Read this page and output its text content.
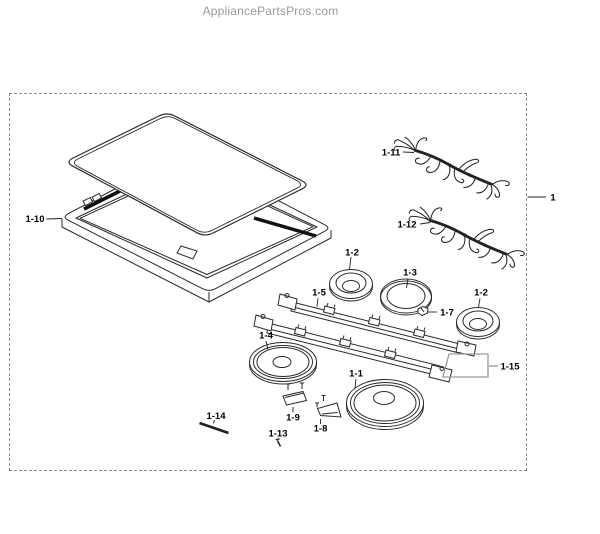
AppliancePartsPros.com
1
1-10
1-11
1-12
1-2
1-3
1-7
1-2
1-5
1-15
1-4
1-1
1-9
1-8
1-13
1-14
